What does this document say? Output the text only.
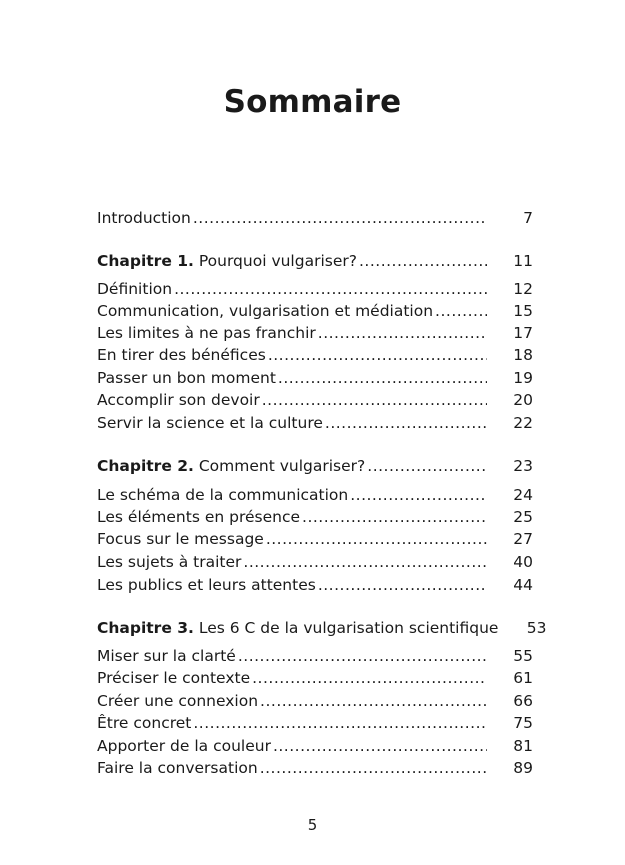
Sommaire
Introduction .....	7
Chapitre 1. Pourquoi vulgariser? .....	11
Définition .....	12
Communication, vulgarisation et médiation .....	15
Les limites à ne pas franchir .....	17
En tirer des bénéfices .....	18
Passer un bon moment .....	19
Accomplir son devoir .....	20
Servir la science et la culture .....	22
Chapitre 2. Comment vulgariser? .....	23
Le schéma de la communication .....	24
Les éléments en présence .....	25
Focus sur le message .....	27
Les sujets à traiter .....	40
Les publics et leurs attentes .....	44
Chapitre 3. Les 6 C de la vulgarisation scientifique	53
Miser sur la clarté .....	55
Préciser le contexte .....	61
Créer une connexion .....	66
Être concret .....	75
Apporter de la couleur .....	81
Faire la conversation .....	89
5
